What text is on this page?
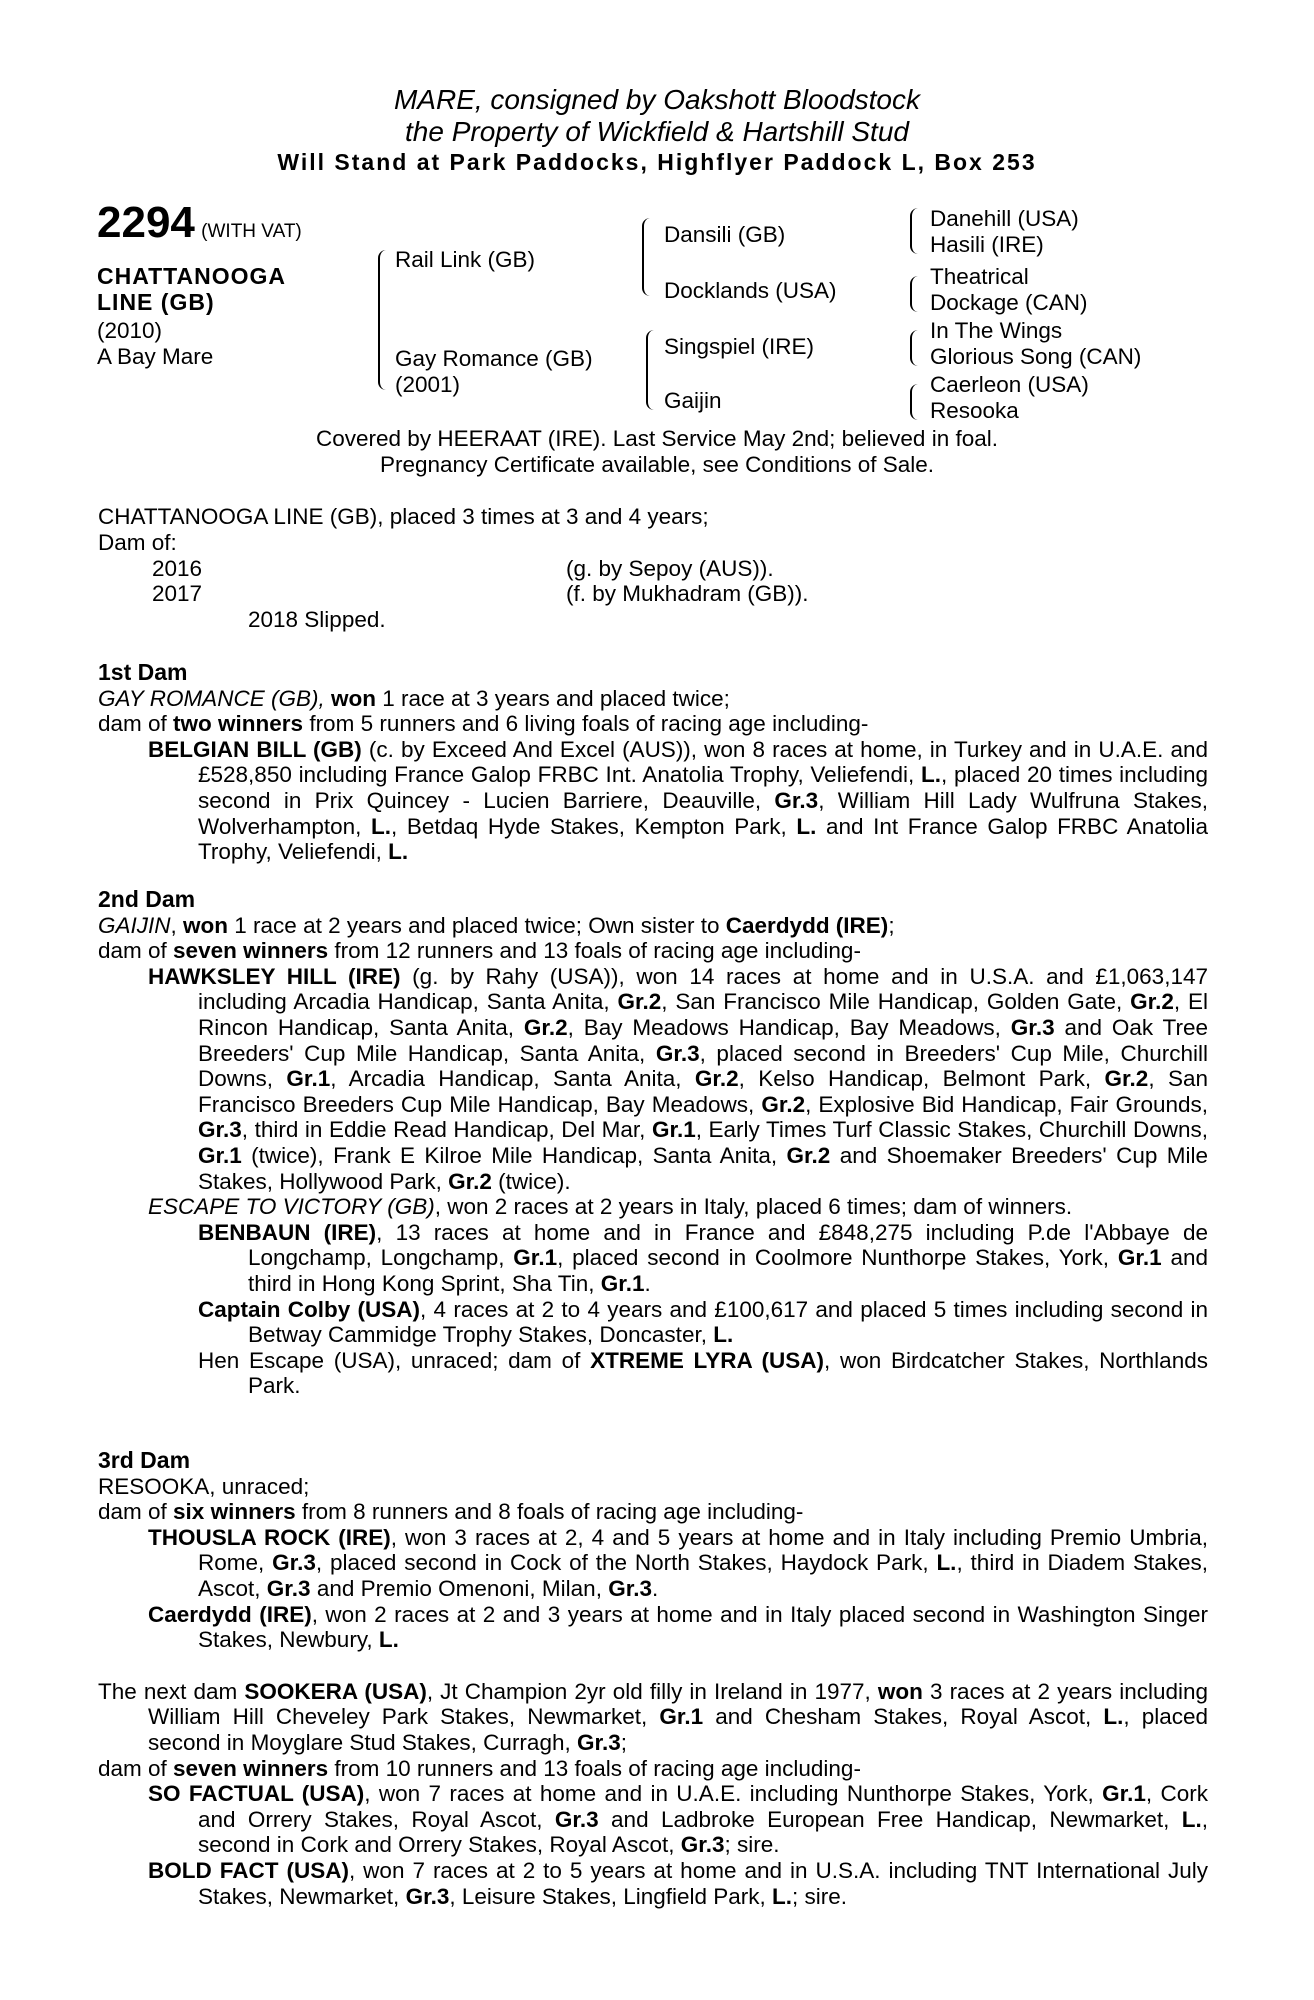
MARE, consigned by Oakshott Bloodstock
the Property of Wickfield & Hartshill Stud
Will Stand at Park Paddocks, Highflyer Paddock L, Box 253
2294 (WITH VAT)
CHATTANOOGA
LINE (GB)
(2010)
A Bay Mare
Rail Link (GB)
Gay Romance (GB)
(2001)
Dansili (GB)
Docklands (USA)
Singspiel (IRE)
Gaijin
Danehill (USA)
Hasili (IRE)
Theatrical
Dockage (CAN)
In The Wings
Glorious Song (CAN)
Caerleon (USA)
Resooka
Covered by HEERAAT (IRE). Last Service May 2nd; believed in foal.
Pregnancy Certificate available, see Conditions of Sale.
CHATTANOOGA LINE (GB), placed 3 times at 3 and 4 years;
Dam of:
2016	(g. by Sepoy (AUS)).
2017	(f. by Mukhadram (GB)).
2018 Slipped.

1st Dam

GAY ROMANCE (GB), won 1 race at 3 years and placed twice;

dam of two winners from 5 runners and 6 living foals of racing age including-

BELGIAN BILL (GB) (c. by Exceed And Excel (AUS)), won 8 races at home, in Turkey and in U.A.E. and £528,850 including France Galop FRBC Int. Anatolia Trophy, Veliefendi, L., placed 20 times including second in Prix Quincey - Lucien Barriere, Deauville, Gr.3, William Hill Lady Wulfruna Stakes, Wolverhampton, L., Betdaq Hyde Stakes, Kempton Park, L. and Int France Galop FRBC Anatolia Trophy, Veliefendi, L.

2nd Dam

GAIJIN, won 1 race at 2 years and placed twice; Own sister to Caerdydd (IRE);

dam of seven winners from 12 runners and 13 foals of racing age including-

HAWKSLEY HILL (IRE) (g. by Rahy (USA)), won 14 races at home and in U.S.A. and £1,063,147 including Arcadia Handicap, Santa Anita, Gr.2, San Francisco Mile Handicap, Golden Gate, Gr.2, El Rincon Handicap, Santa Anita, Gr.2, Bay Meadows Handicap, Bay Meadows, Gr.3 and Oak Tree Breeders' Cup Mile Handicap, Santa Anita, Gr.3, placed second in Breeders' Cup Mile, Churchill Downs, Gr.1, Arcadia Handicap, Santa Anita, Gr.2, Kelso Handicap, Belmont Park, Gr.2, San Francisco Breeders Cup Mile Handicap, Bay Meadows, Gr.2, Explosive Bid Handicap, Fair Grounds, Gr.3, third in Eddie Read Handicap, Del Mar, Gr.1, Early Times Turf Classic Stakes, Churchill Downs, Gr.1 (twice), Frank E Kilroe Mile Handicap, Santa Anita, Gr.2 and Shoemaker Breeders' Cup Mile Stakes, Hollywood Park, Gr.2 (twice).

ESCAPE TO VICTORY (GB), won 2 races at 2 years in Italy, placed 6 times; dam of winners.

BENBAUN (IRE), 13 races at home and in France and £848,275 including P.de l'Abbaye de Longchamp, Longchamp, Gr.1, placed second in Coolmore Nunthorpe Stakes, York, Gr.1 and third in Hong Kong Sprint, Sha Tin, Gr.1.

Captain Colby (USA), 4 races at 2 to 4 years and £100,617 and placed 5 times including second in Betway Cammidge Trophy Stakes, Doncaster, L.

Hen Escape (USA), unraced; dam of XTREME LYRA (USA), won Birdcatcher Stakes, Northlands Park.

3rd Dam

RESOOKA, unraced;

dam of six winners from 8 runners and 8 foals of racing age including-

THOUSLA ROCK (IRE), won 3 races at 2, 4 and 5 years at home and in Italy including Premio Umbria, Rome, Gr.3, placed second in Cock of the North Stakes, Haydock Park, L., third in Diadem Stakes, Ascot, Gr.3 and Premio Omenoni, Milan, Gr.3.

Caerdydd (IRE), won 2 races at 2 and 3 years at home and in Italy placed second in Washington Singer Stakes, Newbury, L.

The next dam SOOKERA (USA), Jt Champion 2yr old filly in Ireland in 1977, won 3 races at 2 years including William Hill Cheveley Park Stakes, Newmarket, Gr.1 and Chesham Stakes, Royal Ascot, L., placed second in Moyglare Stud Stakes, Curragh, Gr.3;

dam of seven winners from 10 runners and 13 foals of racing age including-

SO FACTUAL (USA), won 7 races at home and in U.A.E. including Nunthorpe Stakes, York, Gr.1, Cork and Orrery Stakes, Royal Ascot, Gr.3 and Ladbroke European Free Handicap, Newmarket, L., second in Cork and Orrery Stakes, Royal Ascot, Gr.3; sire.

BOLD FACT (USA), won 7 races at 2 to 5 years at home and in U.S.A. including TNT International July Stakes, Newmarket, Gr.3, Leisure Stakes, Lingfield Park, L.; sire.
